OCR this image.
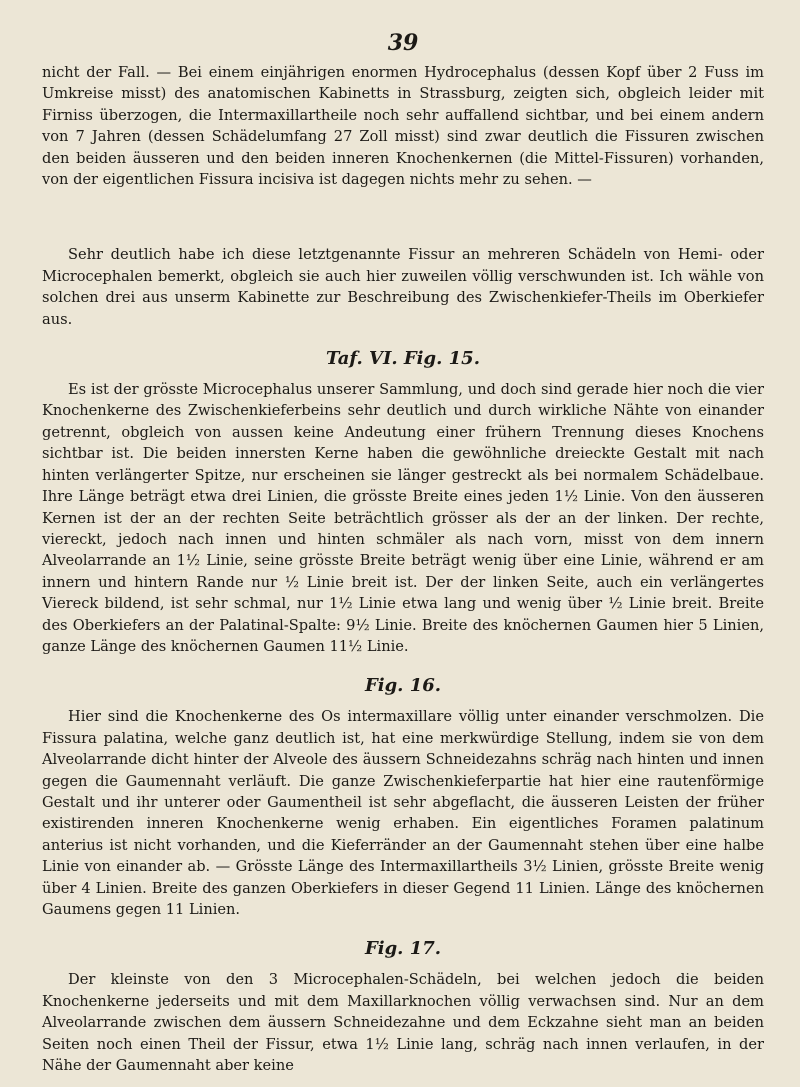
39

nicht der Fall. — Bei einem einjährigen enormen Hydrocephalus (dessen Kopf über 2 Fuss im Umkreise misst) des anatomischen Kabinetts in Strassburg, zeigten sich, obgleich leider mit Firniss überzogen, die Intermaxillartheile noch sehr auffallend sichtbar, und bei einem andern von 7 Jahren (dessen Schädelumfang 27 Zoll misst) sind zwar deutlich die Fissuren zwischen den beiden äusseren und den beiden inneren Knochenkernen (die Mittel-Fissuren) vorhanden, von der eigentlichen Fissura incisiva ist dagegen nichts mehr zu sehen. —

Sehr deutlich habe ich diese letztgenannte Fissur an mehreren Schädeln von Hemi- oder Microcephalen bemerkt, obgleich sie auch hier zuweilen völlig verschwunden ist. Ich wähle von solchen drei aus unserm Kabinette zur Beschreibung des Zwischenkiefer-Theils im Oberkiefer aus.

Taf. VI. Fig. 15.

Es ist der grösste Microcephalus unserer Sammlung, und doch sind gerade hier noch die vier Knochenkerne des Zwischenkieferbeins sehr deutlich und durch wirkliche Nähte von einander getrennt, obgleich von aussen keine Andeutung einer frühern Trennung dieses Knochens sichtbar ist. Die beiden innersten Kerne haben die gewöhnliche dreieckte Gestalt mit nach hinten verlängerter Spitze, nur erscheinen sie länger gestreckt als bei normalem Schädelbaue. Ihre Länge beträgt etwa drei Linien, die grösste Breite eines jeden 1½ Linie. Von den äusseren Kernen ist der an der rechten Seite beträchtlich grösser als der an der linken. Der rechte, viereckt, jedoch nach innen und hinten schmäler als nach vorn, misst von dem innern Alveolarrande an 1½ Linie, seine grösste Breite beträgt wenig über eine Linie, während er am innern und hintern Rande nur ½ Linie breit ist. Der der linken Seite, auch ein verlängertes Viereck bildend, ist sehr schmal, nur 1½ Linie etwa lang und wenig über ½ Linie breit. Breite des Oberkiefers an der Palatinal-Spalte: 9½ Linie. Breite des knöchernen Gaumen hier 5 Linien, ganze Länge des knöchernen Gaumen 11½ Linie.

Fig. 16.

Hier sind die Knochenkerne des Os intermaxillare völlig unter einander verschmolzen. Die Fissura palatina, welche ganz deutlich ist, hat eine merkwürdige Stellung, indem sie von dem Alveolarrande dicht hinter der Alveole des äussern Schneidezahns schräg nach hinten und innen gegen die Gaumennaht verläuft. Die ganze Zwischenkieferpartie hat hier eine rautenförmige Gestalt und ihr unterer oder Gaumentheil ist sehr abgeflacht, die äusseren Leisten der früher existirenden inneren Knochenkerne wenig erhaben. Ein eigentliches Foramen palatinum anterius ist nicht vorhanden, und die Kieferränder an der Gaumennaht stehen über eine halbe Linie von einander ab. — Grösste Länge des Intermaxillartheils 3½ Linien, grösste Breite wenig über 4 Linien. Breite des ganzen Oberkiefers in dieser Gegend 11 Linien. Länge des knöchernen Gaumens gegen 11 Linien.

Fig. 17.

Der kleinste von den 3 Microcephalen-Schädeln, bei welchen jedoch die beiden Knochenkerne jederseits und mit dem Maxillarknochen völlig verwachsen sind. Nur an dem Alveolarrande zwischen dem äussern Schneidezahne und dem Eckzahne sieht man an beiden Seiten noch einen Theil der Fissur, etwa 1½ Linie lang, schräg nach innen verlaufen, in der Nähe der Gaumennaht aber keine
